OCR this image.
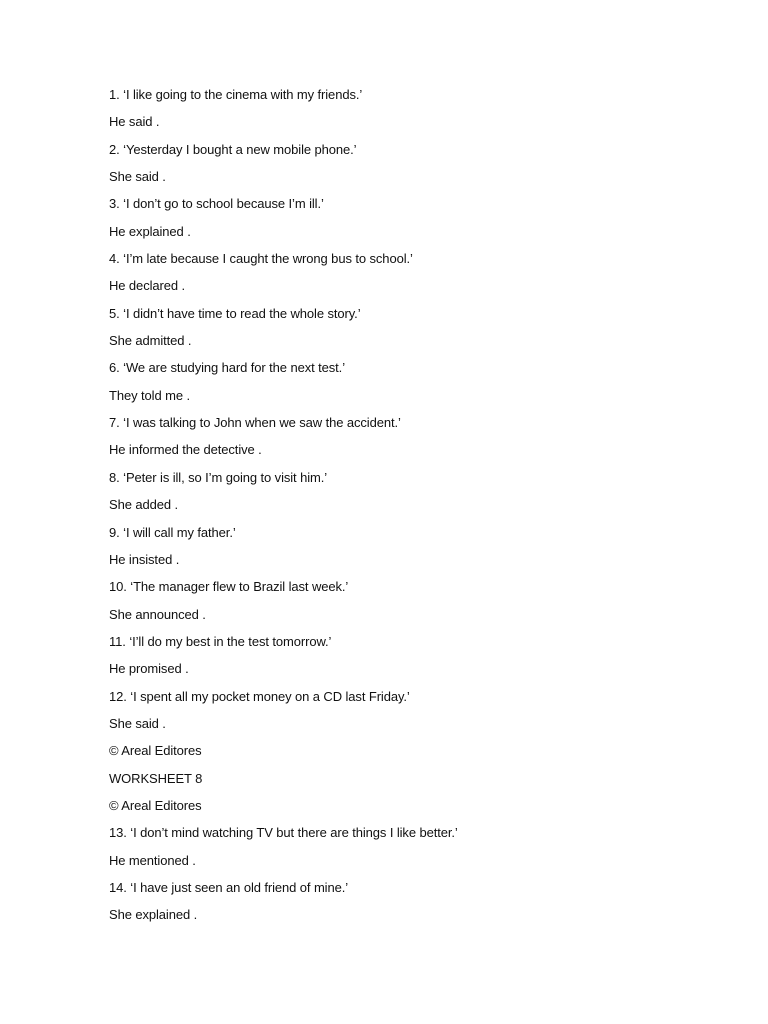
1. ‘I like going to the cinema with my friends.’
He said .
2. ‘Yesterday I bought a new mobile phone.’
She said .
3. ‘I don’t go to school because I’m ill.’
He explained .
4. ‘I’m late because I caught the wrong bus to school.’
He declared .
5. ‘I didn’t have time to read the whole story.’
She admitted .
6. ‘We are studying hard for the next test.’
They told me .
7. ‘I was talking to John when we saw the accident.’
He informed the detective .
8. ‘Peter is ill, so I’m going to visit him.’
She added .
9. ‘I will call my father.’
He insisted .
10. ‘The manager flew to Brazil last week.’
She announced .
11. ‘I’ll do my best in the test tomorrow.’
He promised .
12. ‘I spent all my pocket money on a CD last Friday.’
She said .
© Areal Editores
WORKSHEET 8
© Areal Editores
13. ‘I don’t mind watching TV but there are things I like better.’
He mentioned .
14. ‘I have just seen an old friend of mine.’
She explained .
